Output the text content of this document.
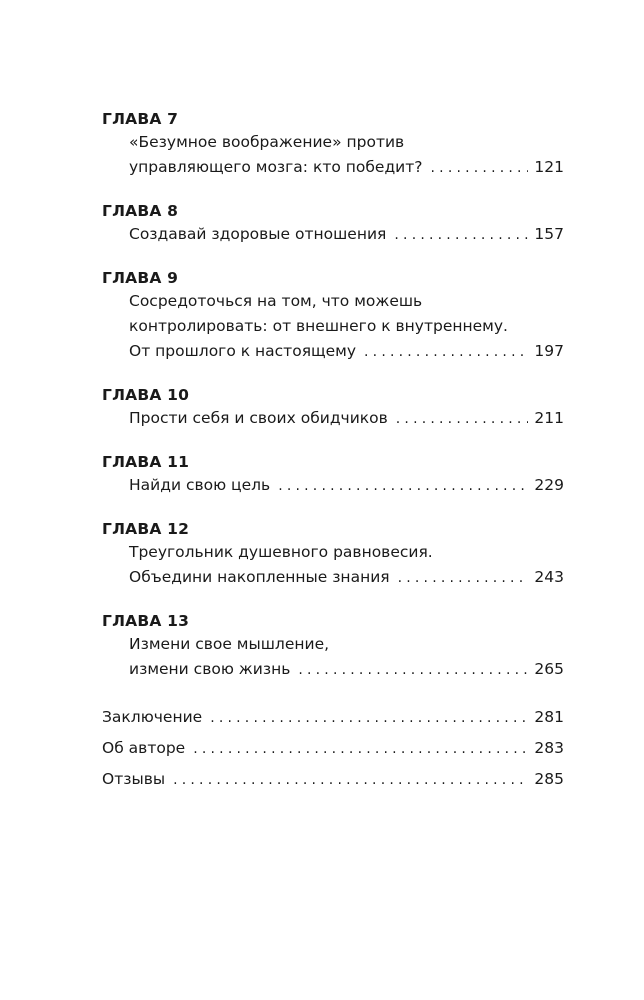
ГЛАВА 7
«Безумное воображение» против
управляющего мозга: кто победит? .....	121
ГЛАВА 8
Создавай здоровые отношения .....	157
ГЛАВА 9
Сосредоточься на том, что можешь
контролировать: от внешнего к внутреннему.
От прошлого к настоящему .....	197
ГЛАВА 10
Прости себя и своих обидчиков .....	211
ГЛАВА 11
Найди свою цель .....	229
ГЛАВА 12
Треугольник душевного равновесия.
Объедини накопленные знания .....	243
ГЛАВА 13
Измени свое мышление,
измени свою жизнь .....	265
Заключение .....	281
Об авторе .....	283
Отзывы .....	285
